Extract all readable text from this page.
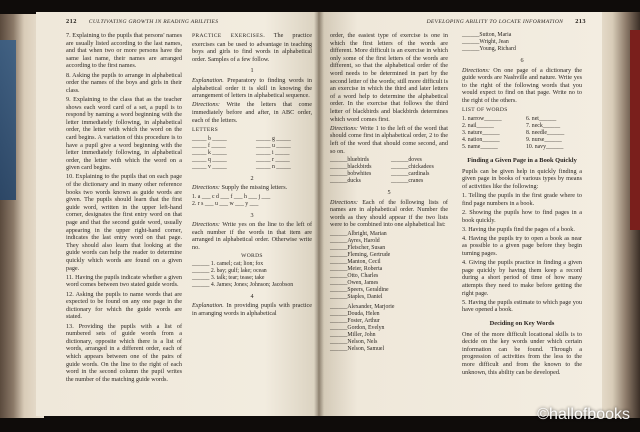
212 CULTIVATING GROWTH IN READING ABILITIES

7. Explaining to the pupils that persons' names are usually listed according to the last names, and that when two or more persons have the same last name, their names are arranged according to the first names.

8. Asking the pupils to arrange in alphabetical order the names of the boys and girls in their class.

9. Explaining to the class that as the teacher shows each word card of a set, a pupil is to respond by naming a word beginning with the letter immediately following, in alphabetical order, the letter with which the word on the card begins. A variation of this procedure is to have a pupil give a word beginning with the letter immediately following, in alphabetical order, the letter with which the word on a given card begins.

10. Explaining to the pupils that on each page of the dictionary and in many other reference books two words known as guide words are given. The pupils should learn that the first guide word, written in the upper left-hand corner, designates the first entry word on that page and that the second guide word, usually appearing in the upper right-hand corner, indicates the last entry word on that page. They should also learn that looking at the guide words can help the reader to determine quickly which words are found on a given page.

11. Having the pupils indicate whether a given word comes between two stated guide words.

12. Asking the pupils to name words that are expected to be found on any one page in the dictionary for which the guide words are stated.

13. Providing the pupils with a list of numbered sets of guide words from a dictionary, opposite which there is a list of words, arranged in a different order, each of which appears between one of the pairs of guide words. On the line to the right of each word in the second column the pupil writes the number of the matching guide words.

PRACTICE EXERCISES. The practice exercises can be used to advantage in teaching boys and girls to find words in alphabetical order. Samples of a few follow.

1

Explanation. Preparatory to finding words in alphabetical order it is skill in knowing the arrangement of letters in alphabetical sequence.

Directions: Write the letters that come immediately before and after, in ABC order, each of the letters.

LETTERS
_____ b _____
_____ f _____
_____ k _____
_____ q _____
_____ v _____
_____ g _____
_____ u _____
_____ i _____
_____ r _____
_____ n _____
2

Directions: Supply the missing letters.

1. a ___ c d ___ f ___ h ___ j ___
2. r s ___ u ___ w ___ y ___
3

Directions: Write yes on the line to the left of each number if the words in that item are arranged in alphabetical order. Otherwise write no.

WORDS
______ 1. camel; cat; lion; fox
______ 2. bay; gulf; lake; ocean
______ 3. talk; tear; tease; take
______ 4. James; Jones; Johnson; Jacobson
4

Explanation. In providing pupils with practice in arranging words in alphabetical

DEVELOPING ABILITY TO LOCATE INFORMATION 213

order, the easiest type of exercise is one in which the first letters of the words are different. More difficult is an exercise in which only some of the first letters of the words are different, so that the alphabetical order of the word needs to be determined in part by the second letter of the words; still more difficult is an exercise in which the third and later letters of a word help to determine the alphabetical order. In the exercise that follows the third letter of blackbirds and blackbirds determines which word comes first.

Directions: Write 1 to the left of the word that should come first in alphabetical order, 2 to the left of the word that should come second, and so on.

______bluebirds
______blackbirds
______bobwhites
______ducks
______doves
______chickadees
______cardinals
______cranes
5

Directions: Each of the following lists of names are in alphabetical order. Number the words as they should appear if the two lists were to be combined into one alphabetical list:

______Albright, Marian
______Ayres, Harold
______Fleischer, Susan
______Fleming, Gertrude
______Manton, Cecil
______Meier, Roberta
______Otto, Charles
______Owen, James
______Speers, Geraldine
______Staples, Daniel
______Alexander, Marjorie
______Douda, Helen
______Foster, Arthur
______Gordon, Evelyn
______Miller, John
______Nelson, Nels
______Nelson, Samuel
______Sutton, Maria
______Wright, Jean
______Young, Richard
6

Directions: On one page of a dictionary the guide words are Nashville and nature. Write yes to the right of the following words that you would expect to find on that page. Write no to the right of the others.

LIST OF WORDS
1. narrow______
2. nail______
3. nature______
4. nation______
5. name______
6. net______
7. neck______
8. needle______
9. nurse______
10. navy______
Finding a Given Page in a Book Quickly

Pupils can be given help in quickly finding a given page in books of various types by means of activities like the following:

1. Telling the pupils in the first grade where to find page numbers in a book.

2. Showing the pupils how to find pages in a book quickly.

3. Having the pupils find the pages of a book.

4. Having the pupils try to open a book as near as possible to a given page before they begin turning pages.

4. Giving the pupils practice in finding a given page quickly by having them keep a record during a short period of time of how many attempts they need to make before getting the right page.

5. Having the pupils estimate to which page you have opened a book.

Deciding on Key Words

One of the more difficult locational skills is to decide on the key words under which certain information can be found. Through a progression of activities from the less to the more difficult and from the known to the unknown, this ability can be developed.

©hallofbooks
